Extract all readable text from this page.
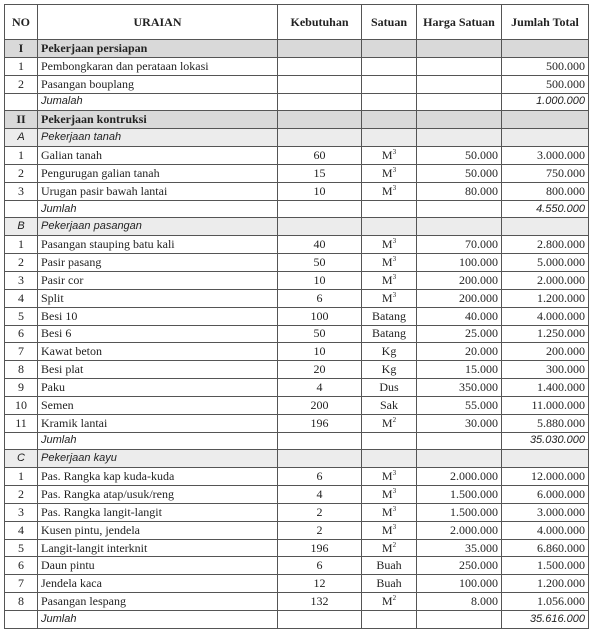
NO	URAIAN	Kebutuhan	Satuan	Harga Satuan	Jumlah Total
I	Pekerjaan persiapan				
1	Pembongkaran dan perataan lokasi				500.000
2	Pasangan bouplang				500.000
	Jumalah				1.000.000
II	Pekerjaan kontruksi				
A	Pekerjaan tanah				
1	Galian tanah	60	$M^3$	50.000	3.000.000
2	Pengurugan galian tanah	15	$M^3$	50.000	750.000
3	Urugan pasir bawah lantai	10	$M^3$	80.000	800.000
	Jumlah				4.550.000
B	Pekerjaan pasangan				
1	Pasangan stauping batu kali	40	$M^3$	70.000	2.800.000
2	Pasir pasang	50	$M^3$	100.000	5.000.000
3	Pasir cor	10	$M^3$	200.000	2.000.000
4	Split	6	$M^3$	200.000	1.200.000
5	Besi 10	100	Batang	40.000	4.000.000
6	Besi 6	50	Batang	25.000	1.250.000
7	Kawat beton	10	Kg	20.000	200.000
8	Besi plat	20	Kg	15.000	300.000
9	Paku	4	Dus	350.000	1.400.000
10	Semen	200	Sak	55.000	11.000.000
11	Kramik lantai	196	$M^2$	30.000	5.880.000
	Jumlah				35.030.000
C	Pekerjaan kayu				
1	Pas. Rangka kap kuda-kuda	6	$M^3$	2.000.000	12.000.000
2	Pas. Rangka atap/usuk/reng	4	$M^3$	1.500.000	6.000.000
3	Pas. Rangka langit-langit	2	$M^3$	1.500.000	3.000.000
4	Kusen pintu, jendela	2	$M^3$	2.000.000	4.000.000
5	Langit-langit interknit	196	$M^2$	35.000	6.860.000
6	Daun pintu	6	Buah	250.000	1.500.000
7	Jendela kaca	12	Buah	100.000	1.200.000
8	Pasangan lespang	132	$M^2$	8.000	1.056.000
	Jumlah				35.616.000
